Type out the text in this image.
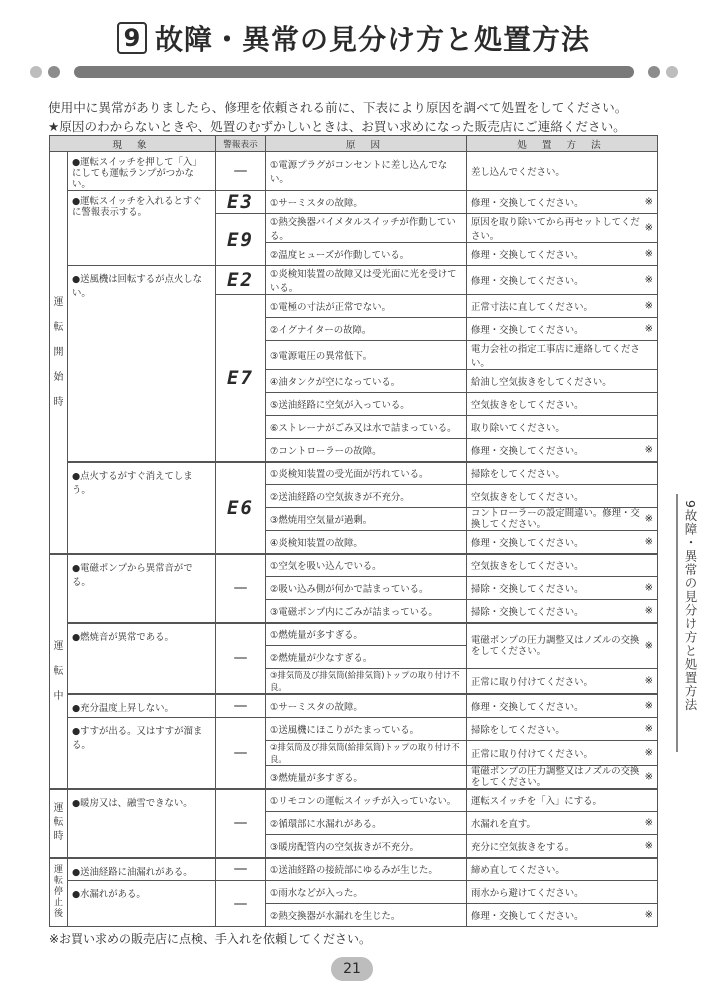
9 故障・異常の見分け方と処置方法
使用中に異常がありましたら、修理を依頼される前に、下表により原因を調べて処置をしてください。
★原因のわからないときや、処置のむずかしいときは、お買い求めになった販売店にご連絡ください。
現 象		警報表示	原 因	処 置 方 法
運
転
開
始
時	●運転スイッチを押して「入」にしても運転ランプがつかない。	—	①電源プラグがコンセントに差し込んでない。	差し込んでください。

	●運転スイッチを入れるとすぐに警報表示する。	E3	①サーミスタの故障。	修理・交換してください。 ※

		E9	①熱交換器バイメタルスイッチが作動している。	原因を取り除いてから再セットしてください。
※

			②温度ヒューズが作動している。	修理・交換してください。 ※

	●送風機は回転するが点火しない。	E2	①炎検知装置の故障又は受光面に光を受けている。	修理・交換してください。 ※

		E7	①電極の寸法が正常でない。	正常寸法に直してください。 ※

			②イグナイターの故障。	修理・交換してください。 ※

			③電源電圧の異常低下。	電力会社の指定工事店に連絡してください。

			④油タンクが空になっている。	給油し空気抜きをしてください。

			⑤送油経路に空気が入っている。	空気抜きをしてください。

			⑥ストレーナがごみ又は水で詰まっている。	取り除いてください。

			⑦コントローラーの故障。	修理・交換してください。 ※

	●点火するがすぐ消えてしまう。	E6	①炎検知装置の受光面が汚れている。	掃除をしてください。

			②送油経路の空気抜きが不充分。	空気抜きをしてください。

			③燃焼用空気量が過剰。	コントローラーの設定間違い。修理・交換してください。 ※

			④炎検知装置の故障。	修理・交換してください。 ※

運
転
中	●電磁ポンプから異常音がでる。	—	①空気を吸い込んでいる。	空気抜きをしてください。

			②吸い込み側が何かで詰まっている。	掃除・交換してください。 ※

			③電磁ポンプ内にごみが詰まっている。	掃除・交換してください。 ※

	●燃焼音が異常である。	—	①燃焼量が多すぎる。	電磁ポンプの圧力調整又はノズルの交換をしてください。 ※

			②燃焼量が少なすぎる。	
			③排気筒及び排気筒(給排気筒)トップの取り付け不良。	正常に取り付けてください。 ※

	●充分温度上昇しない。	—	①サーミスタの故障。	修理・交換してください。 ※

	●すすが出る。又はすすが溜まる。	—	①送風機にほこりがたまっている。	掃除をしてください。 ※

			②排気筒及び排気筒(給排気筒)トップの取り付け不良。	正常に取り付けてください。 ※

			③燃焼量が多すぎる。	電磁ポンプの圧力調整又はノズルの交換をしてください。 ※

運
転
時	●暖房又は、融雪できない。	—	①リモコンの運転スイッチが入っていない。	運転スイッチを「入」にする。

			②循環部に水漏れがある。	水漏れを直す。 ※

			③暖房配管内の空気抜きが不充分。	充分に空気抜きをする。 ※

運
転
停
止
後	●送油経路に油漏れがある。	—	①送油経路の接続部にゆるみが生じた。	締め直してください。

	●水漏れがある。	—	①雨水などが入った。	雨水から避けてください。

			②熱交換器が水漏れを生じた。	修理・交換してください。 ※
※お買い求めの販売店に点検、手入れを依頼してください。
21
9故障・異常の見分け方と処置方法
